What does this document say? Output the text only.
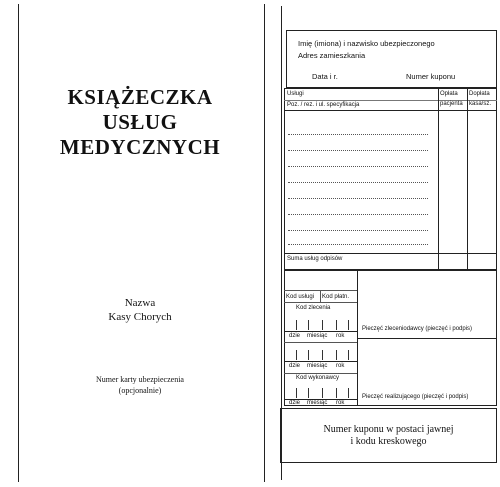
KSIĄŻECZKA
USŁUG
MEDYCZNYCH
Nazwa
Kasy Chorych
Numer karty ubezpieczenia
(opcjonalnie)
Imię (imiona) i nazwisko ubezpieczonego
Adres zamieszkania
Data i r.	Numer kuponu
Usługi
Poz. / rez. i ul. specyfikacja
Opłata
pacjenta
Dopłata
kasa/sz.
Suma usług odpisów
Kod usługi Kod płatn.
Kod zlecenia
dzie miesiąc rok
Pieczęć zleceniodawcy (pieczęć i podpis)
dzie miesiąc rok
Kod wykonawcy
dzie miesiąc rok
Pieczęć realizującego (pieczęć i podpis)
Numer kuponu w postaci jawnej
i kodu kreskowego
